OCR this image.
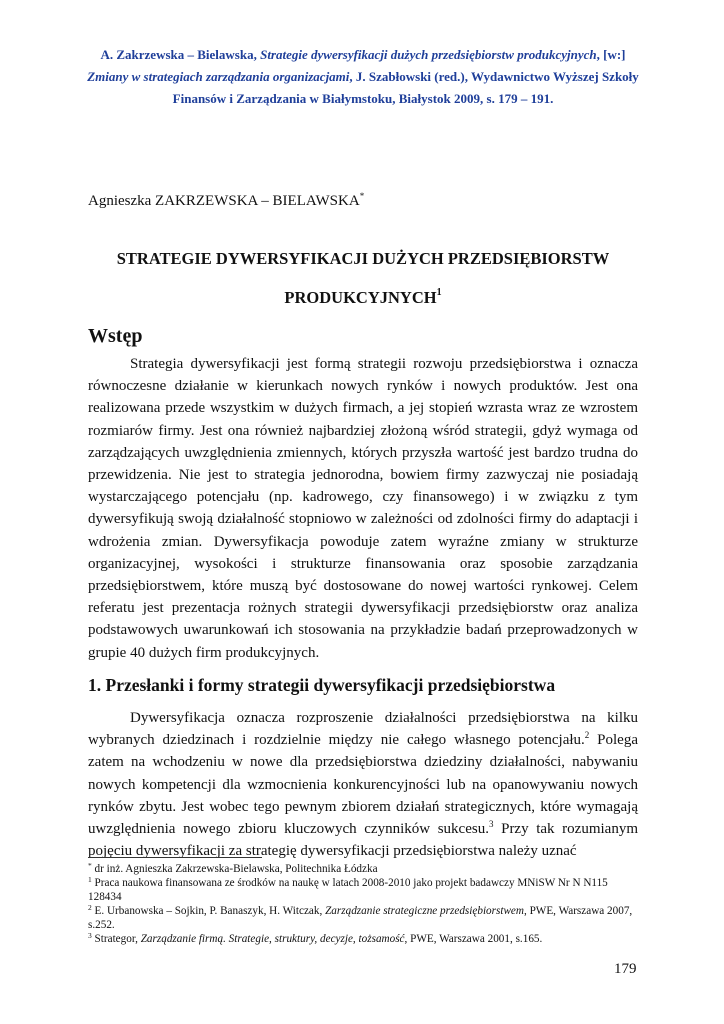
A. Zakrzewska – Bielawska, Strategie dywersyfikacji dużych przedsiębiorstw produkcyjnych, [w:] Zmiany w strategiach zarządzania organizacjami, J. Szabłowski (red.), Wydawnictwo Wyższej Szkoły Finansów i Zarządzania w Białymstoku, Białystok 2009, s. 179 – 191.
Agnieszka ZAKRZEWSKA – BIELAWSKA*
STRATEGIE DYWERSYFIKACJI DUŻYCH PRZEDSIĘBIORSTW
PRODUKCYJNYCH$^1$
Wstęp
Strategia dywersyfikacji jest formą strategii rozwoju przedsiębiorstwa i oznacza równoczesne działanie w kierunkach nowych rynków i nowych produktów. Jest ona realizowana przede wszystkim w dużych firmach, a jej stopień wzrasta wraz ze wzrostem rozmiarów firmy. Jest ona również najbardziej złożoną wśród strategii, gdyż wymaga od zarządzających uwzględnienia zmiennych, których przyszła wartość jest bardzo trudna do przewidzenia. Nie jest to strategia jednorodna, bowiem firmy zazwyczaj nie posiadają wystarczającego potencjału (np. kadrowego, czy finansowego) i w związku z tym dywersyfikują swoją działalność stopniowo w zależności od zdolności firmy do adaptacji i wdrożenia zmian. Dywersyfikacja powoduje zatem wyraźne zmiany w strukturze organizacyjnej, wysokości i strukturze finansowania oraz sposobie zarządzania przedsiębiorstwem, które muszą być dostosowane do nowej wartości rynkowej. Celem referatu jest prezentacja rożnych strategii dywersyfikacji przedsiębiorstw oraz analiza podstawowych uwarunkowań ich stosowania na przykładzie badań przeprowadzonych w grupie 40 dużych firm produkcyjnych.
1. Przesłanki i formy strategii dywersyfikacji przedsiębiorstwa
Dywersyfikacja oznacza rozproszenie działalności przedsiębiorstwa na kilku wybranych dziedzinach i rozdzielnie między nie całego własnego potencjału.$^2$ Polega zatem na wchodzeniu w nowe dla przedsiębiorstwa dziedziny działalności, nabywaniu nowych kompetencji dla wzmocnienia konkurencyjności lub na opanowywaniu nowych rynków zbytu. Jest wobec tego pewnym zbiorem działań strategicznych, które wymagają uwzględnienia nowego zbioru kluczowych czynników sukcesu.$^3$ Przy tak rozumianym pojęciu dywersyfikacji za strategię dywersyfikacji przedsiębiorstwa należy uznać

* dr inż. Agnieszka Zakrzewska-Bielawska, Politechnika Łódzka

$^1$ Praca naukowa finansowana ze środków na naukę w latach 2008-2010 jako projekt badawczy MNiSW Nr N N115 128434

$^2$ E. Urbanowska – Sojkin, P. Banaszyk, H. Witczak, Zarządzanie strategiczne przedsiębiorstwem, PWE, Warszawa 2007, s.252.

$^3$ Strategor, Zarządzanie firmą. Strategie, struktury, decyzje, tożsamość, PWE, Warszawa 2001, s.165.

179
